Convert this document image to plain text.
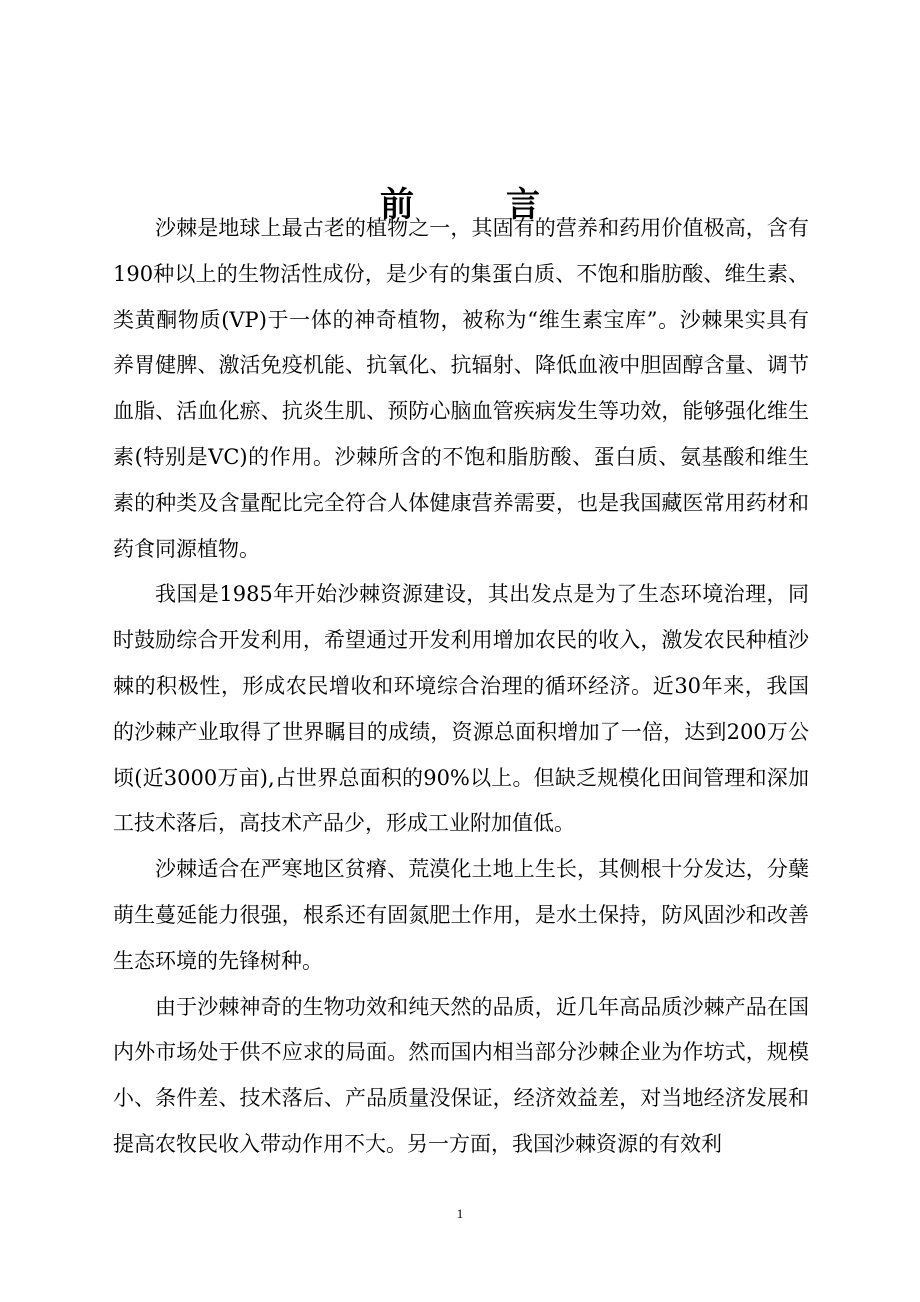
前	言

沙棘是地球上最古老的植物之一，其固有的营养和药用价值极高，含有190种以上的生物活性成份，是少有的集蛋白质、不饱和脂肪酸、维生素、类黄酮物质(VP)于一体的神奇植物，被称为“维生素宝库”。沙棘果实具有养胃健脾、激活免疫机能、抗氧化、抗辐射、降低血液中胆固醇含量、调节血脂、活血化瘀、抗炎生肌、预防心脑血管疾病发生等功效，能够强化维生素(特别是VC)的作用。沙棘所含的不饱和脂肪酸、蛋白质、氨基酸和维生素的种类及含量配比完全符合人体健康营养需要，也是我国藏医常用药材和药食同源植物。

我国是1985年开始沙棘资源建设，其出发点是为了生态环境治理，同时鼓励综合开发利用，希望通过开发利用增加农民的收入，激发农民种植沙棘的积极性，形成农民增收和环境综合治理的循环经济。近30年来，我国的沙棘产业取得了世界瞩目的成绩，资源总面积增加了一倍，达到200万公顷(近3000万亩),占世界总面积的90%以上。但缺乏规模化田间管理和深加工技术落后，高技术产品少，形成工业附加值低。

沙棘适合在严寒地区贫瘠、荒漠化土地上生长，其侧根十分发达，分蘖萌生蔓延能力很强，根系还有固氮肥土作用，是水土保持，防风固沙和改善生态环境的先锋树种。

由于沙棘神奇的生物功效和纯天然的品质，近几年高品质沙棘产品在国内外市场处于供不应求的局面。然而国内相当部分沙棘企业为作坊式，规模小、条件差、技术落后、产品质量没保证，经济效益差，对当地经济发展和提高农牧民收入带动作用不大。另一方面，我国沙棘资源的有效利

1
